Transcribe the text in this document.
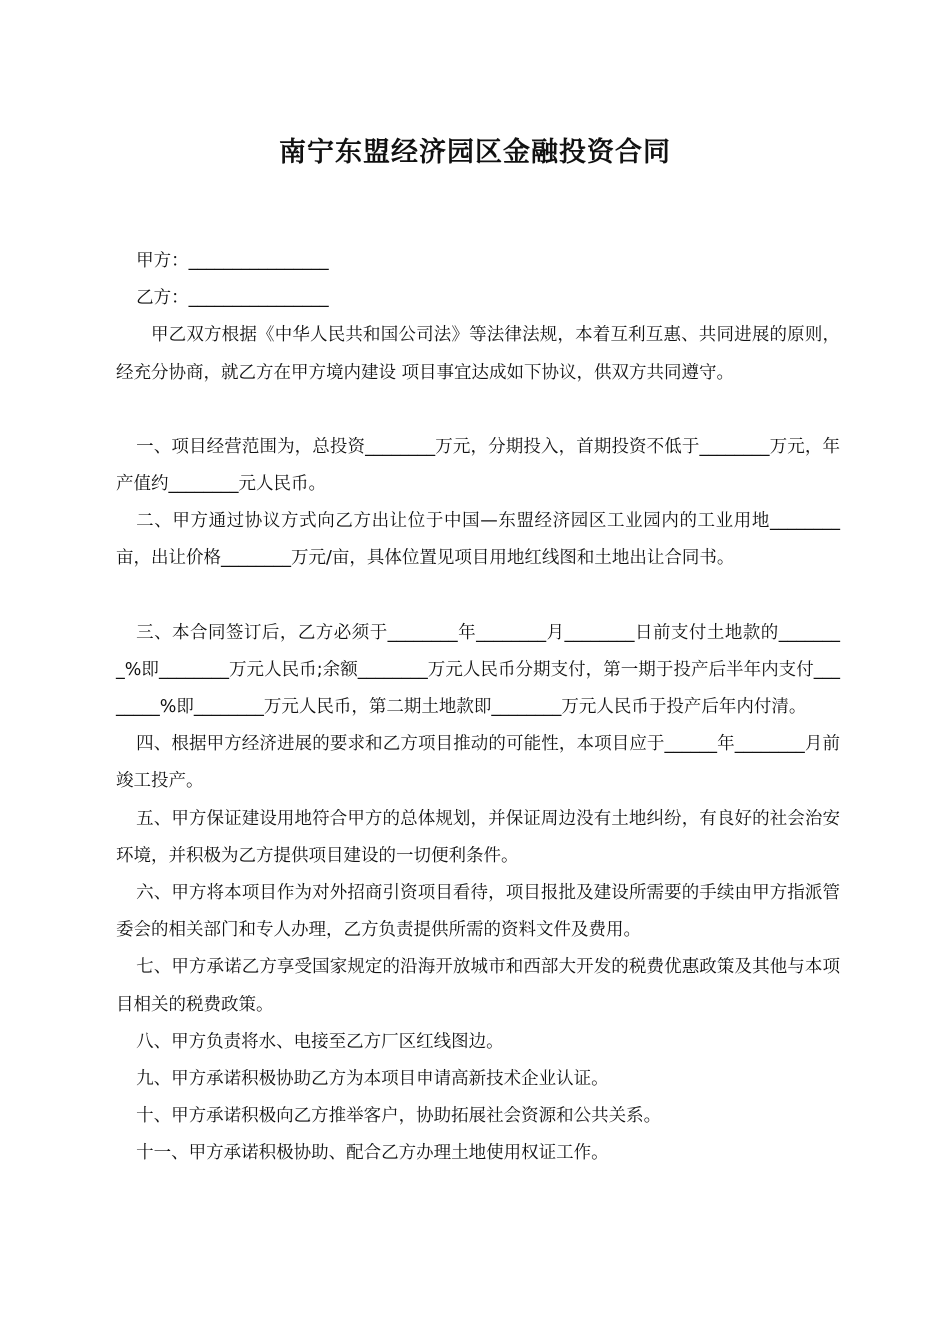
南宁东盟经济园区金融投资合同

甲方：________________

乙方：________________

甲乙双方根据《中华人民共和国公司法》等法律法规，本着互利互惠、共同进展的原则，经充分协商，就乙方在甲方境内建设 项目事宜达成如下协议，供双方共同遵守。

一、项目经营范围为，总投资________万元，分期投入，首期投资不低于________万元，年产值约________元人民币。

二、甲方通过协议方式向乙方出让位于中国—东盟经济园区工业园内的工业用地________亩，出让价格________万元/亩，具体位置见项目用地红线图和土地出让合同书。

三、本合同签订后，乙方必须于________年________月________日前支付土地款的________%即________万元人民币;余额________万元人民币分期支付，第一期于投产后半年内支付________%即________万元人民币，第二期土地款即________万元人民币于投产后年内付清。

四、根据甲方经济进展的要求和乙方项目推动的可能性，本项目应于______年________月前竣工投产。

五、甲方保证建设用地符合甲方的总体规划，并保证周边没有土地纠纷，有良好的社会治安环境，并积极为乙方提供项目建设的一切便利条件。

六、甲方将本项目作为对外招商引资项目看待，项目报批及建设所需要的手续由甲方指派管委会的相关部门和专人办理，乙方负责提供所需的资料文件及费用。

七、甲方承诺乙方享受国家规定的沿海开放城市和西部大开发的税费优惠政策及其他与本项目相关的税费政策。

八、甲方负责将水、电接至乙方厂区红线图边。

九、甲方承诺积极协助乙方为本项目申请高新技术企业认证。

十、甲方承诺积极向乙方推举客户，协助拓展社会资源和公共关系。

十一、甲方承诺积极协助、配合乙方办理土地使用权证工作。
